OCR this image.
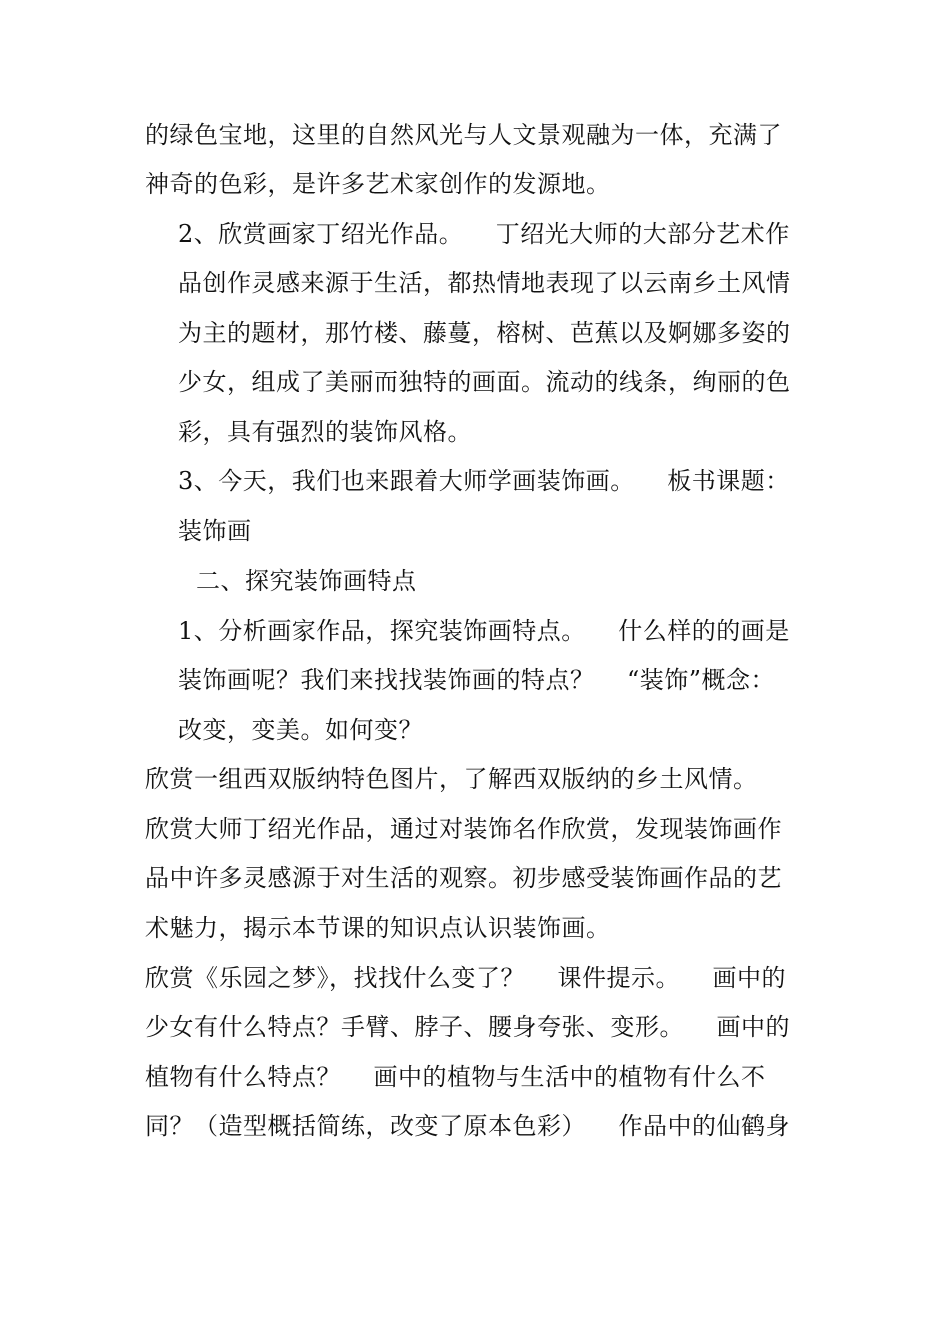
的绿色宝地，这里的自然风光与人文景观融为一体，充满了
神奇的色彩，是许多艺术家创作的发源地。
2、欣赏画家丁绍光作品。    丁绍光大师的大部分艺术作
品创作灵感来源于生活，都热情地表现了以云南乡土风情
为主的题材，那竹楼、藤蔓，榕树、芭蕉以及婀娜多姿的
少女，组成了美丽而独特的画面。流动的线条，绚丽的色
彩，具有强烈的装饰风格。
3、今天，我们也来跟着大师学画装饰画。    板书课题：
装饰画
二、探究装饰画特点
1、分析画家作品，探究装饰画特点。    什么样的的画是
装饰画呢？我们来找找装饰画的特点？    “装饰”概念：
改变，变美。如何变？
欣赏一组西双版纳特色图片，了解西双版纳的乡土风情。
欣赏大师丁绍光作品，通过对装饰名作欣赏，发现装饰画作
品中许多灵感源于对生活的观察。初步感受装饰画作品的艺
术魅力，揭示本节课的知识点认识装饰画。
欣赏《乐园之梦》，找找什么变了？    课件提示。    画中的
少女有什么特点？手臂、脖子、腰身夸张、变形。    画中的
植物有什么特点？    画中的植物与生活中的植物有什么不
同？（造型概括简练，改变了原本色彩）    作品中的仙鹤身
